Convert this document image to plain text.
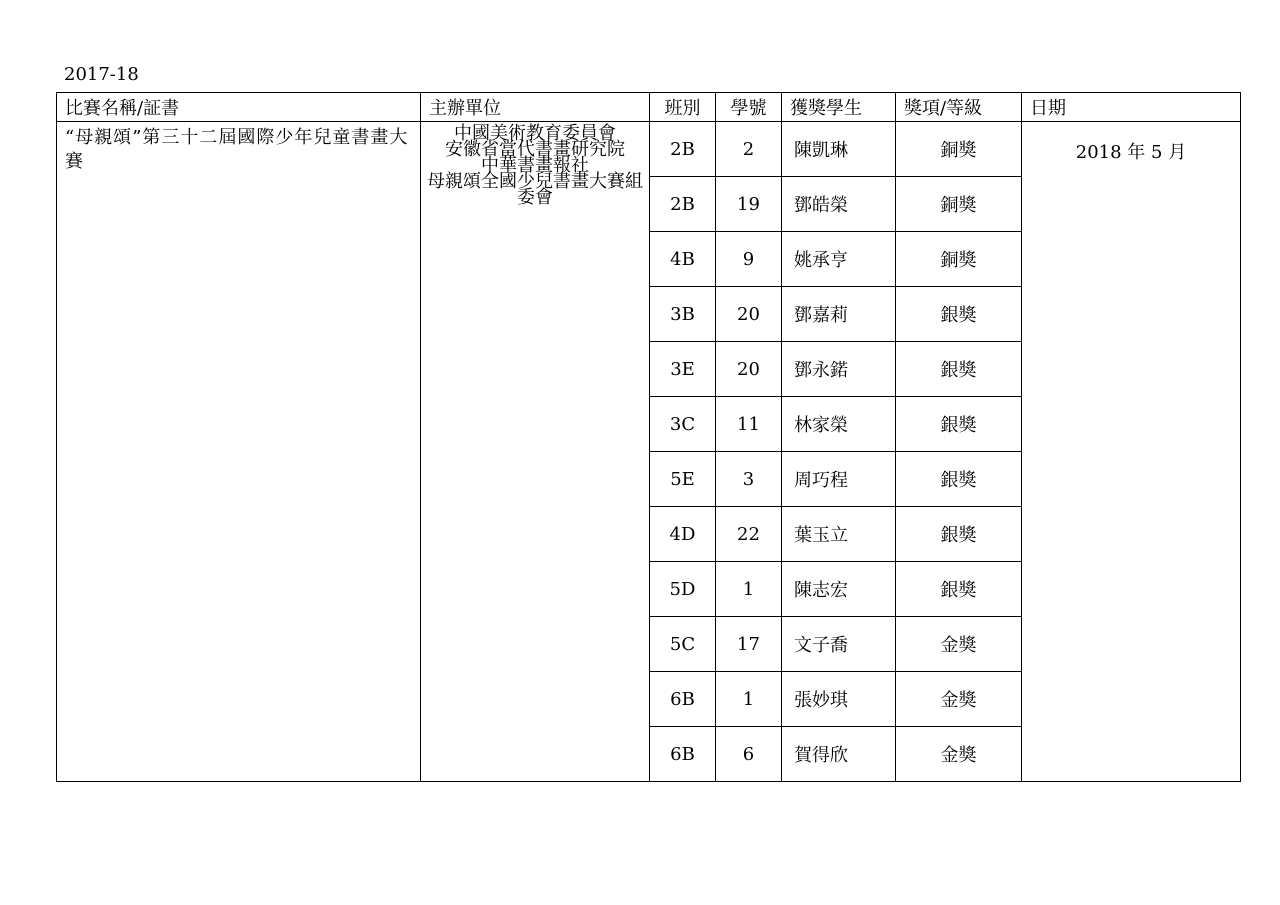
2017-18
比賽名稱/証書	主辦單位	班別	學號	獲獎學生	獎項/等級	日期
“母親頌”第三十二屆國際少年兒童書畫大賽	中國美術教育委員會
安徽省當代書畫研究院
中華書畫報社
母親頌全國少兒書畫大賽組委會	2B	2	陳凱琳	銅獎	2018 年 5 月
		2B	19	鄧皓榮	銅獎	
		4B	9	姚承亨	銅獎	
		3B	20	鄧嘉莉	銀獎	
		3E	20	鄧永鍩	銀獎	
		3C	11	林家榮	銀獎	
		5E	3	周巧程	銀獎	
		4D	22	葉玉立	銀獎	
		5D	1	陳志宏	銀獎	
		5C	17	文子喬	金獎	
		6B	1	張妙琪	金獎	
		6B	6	賀得欣	金獎	
